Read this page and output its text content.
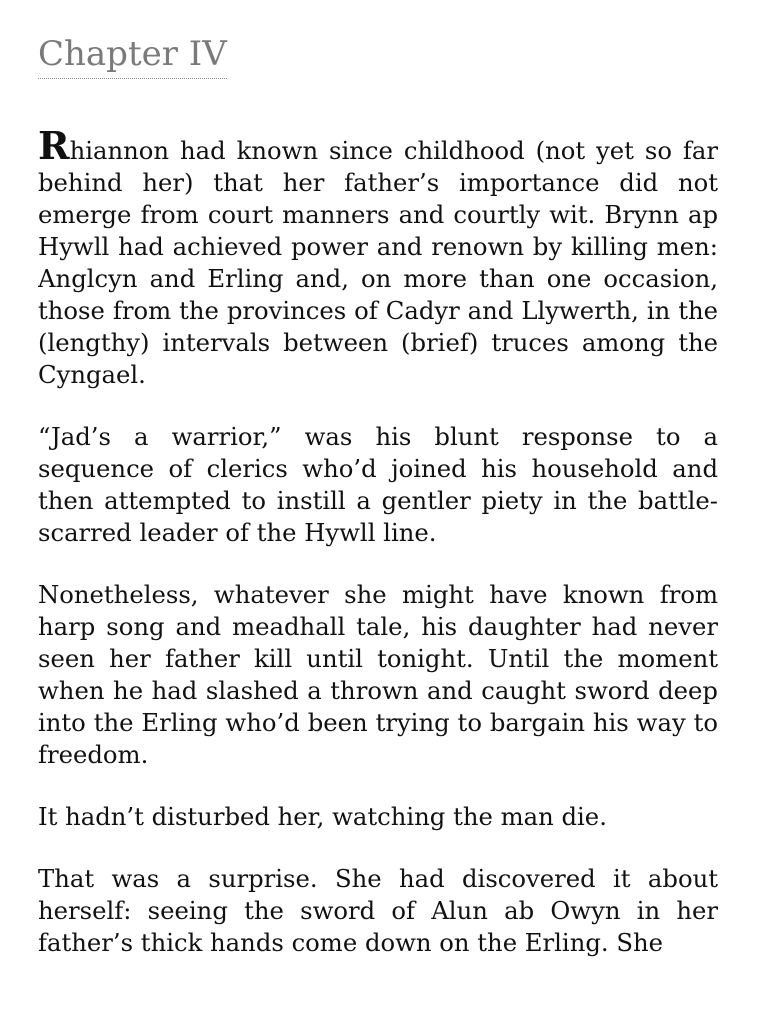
Chapter IV

Rhiannon had known since childhood (not yet so far behind her) that her father’s importance did not emerge from court manners and courtly wit. Brynn ap Hywll had achieved power and renown by killing men: Anglcyn and Erling and, on more than one occasion, those from the provinces of Cadyr and Llywerth, in the (lengthy) intervals between (brief) truces among the Cyngael.

“Jad’s a warrior,” was his blunt response to a sequence of clerics who’d joined his household and then attempted to instill a gentler piety in the battle-scarred leader of the Hywll line.

Nonetheless, whatever she might have known from harp song and meadhall tale, his daughter had never seen her father kill until tonight. Until the moment when he had slashed a thrown and caught sword deep into the Erling who’d been trying to bargain his way to freedom.

It hadn’t disturbed her, watching the man die.

That was a surprise. She had discovered it about herself: seeing the sword of Alun ab Owyn in her father’s thick hands come down on the Erling. She
